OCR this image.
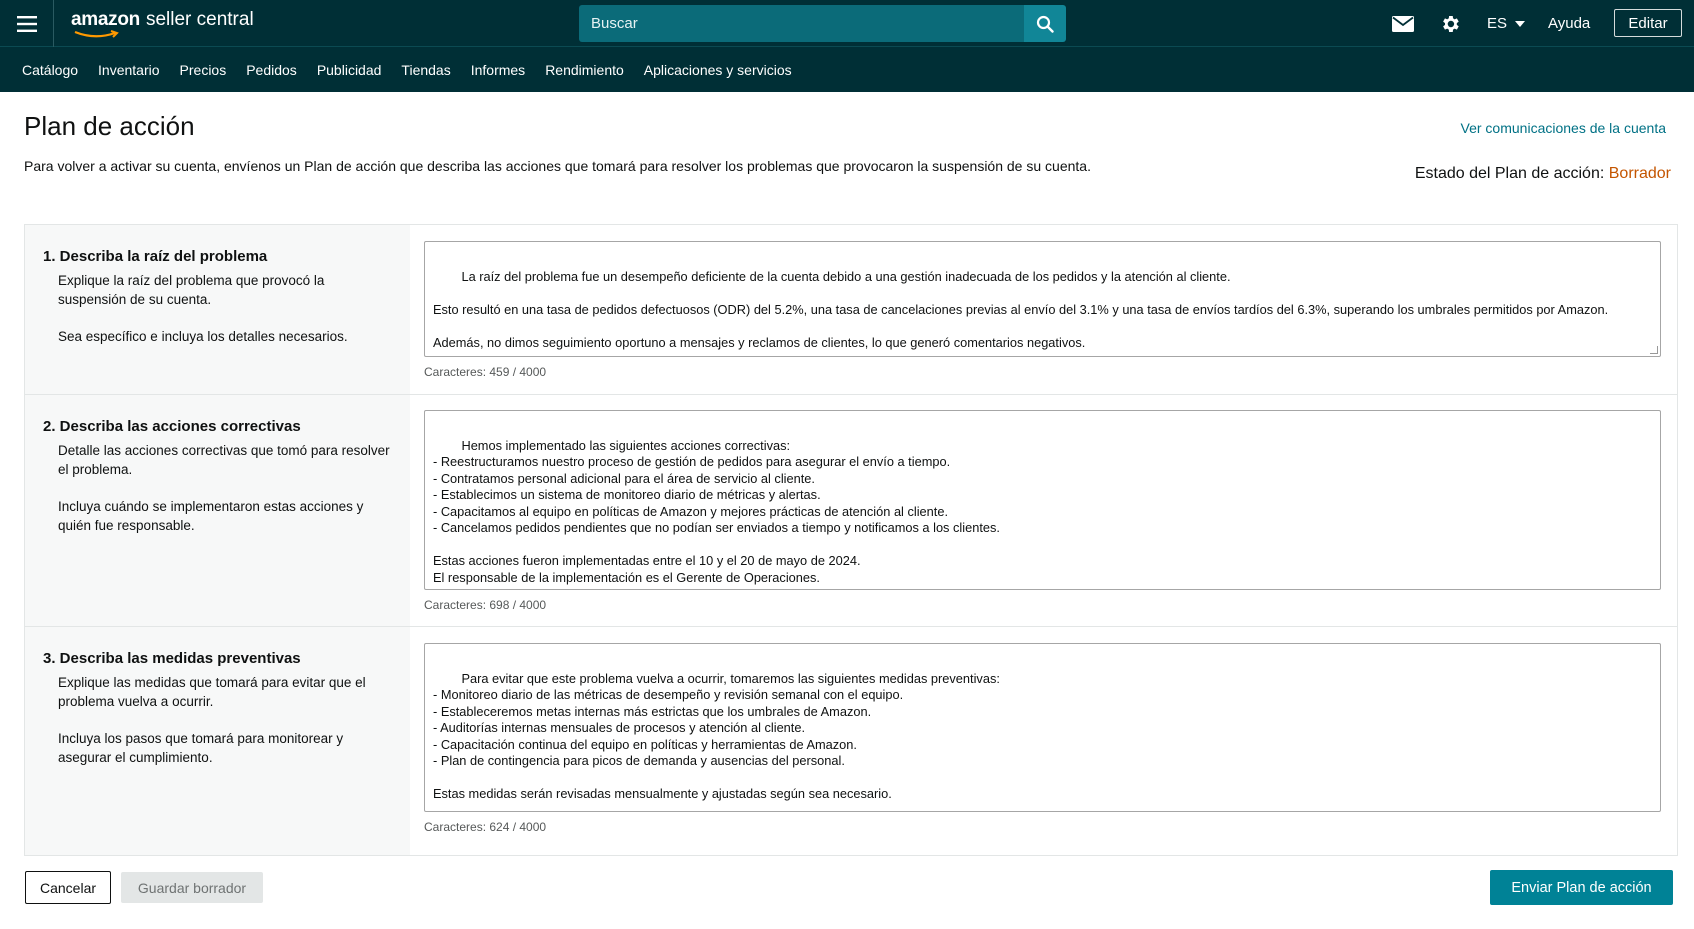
amazon seller central
Buscar	ES	Ayuda	Editar
Catálogo Inventario Precios Pedidos Publicidad Tiendas Informes Rendimiento Aplicaciones y servicios
Plan de acción

Para volver a activar su cuenta, envíenos un Plan de acción que describa las acciones que tomará para resolver los problemas que provocaron la suspensión de su cuenta.

Ver comunicaciones de la cuenta
Estado del Plan de acción: Borrador
1. Describa la raíz del problema

Explique la raíz del problema que provocó la suspensión de su cuenta.

Sea específico e incluya los detalles necesarios.

La raíz del problema fue un desempeño deficiente de la cuenta debido a una gestión inadecuada de los pedidos y la atención al cliente.

Esto resultó en una tasa de pedidos defectuosos (ODR) del 5.2%, una tasa de cancelaciones previas al envío del 3.1% y una tasa de envíos tardíos del 6.3%, superando los umbrales permitidos por Amazon.

Además, no dimos seguimiento oportuno a mensajes y reclamos de clientes, lo que generó comentarios negativos.

Caracteres: 459 / 4000
2. Describa las acciones correctivas

Detalle las acciones correctivas que tomó para resolver el problema.

Incluya cuándo se implementaron estas acciones y quién fue responsable.

Hemos implementado las siguientes acciones correctivas:
- Reestructuramos nuestro proceso de gestión de pedidos para asegurar el envío a tiempo.
- Contratamos personal adicional para el área de servicio al cliente.
- Establecimos un sistema de monitoreo diario de métricas y alertas.
- Capacitamos al equipo en políticas de Amazon y mejores prácticas de atención al cliente.
- Cancelamos pedidos pendientes que no podían ser enviados a tiempo y notificamos a los clientes.

Estas acciones fueron implementadas entre el 10 y el 20 de mayo de 2024.
El responsable de la implementación es el Gerente de Operaciones.

Caracteres: 698 / 4000
3. Describa las medidas preventivas

Explique las medidas que tomará para evitar que el problema vuelva a ocurrir.

Incluya los pasos que tomará para monitorear y asegurar el cumplimiento.

Para evitar que este problema vuelva a ocurrir, tomaremos las siguientes medidas preventivas:
- Monitoreo diario de las métricas de desempeño y revisión semanal con el equipo.
- Estableceremos metas internas más estrictas que los umbrales de Amazon.
- Auditorías internas mensuales de procesos y atención al cliente.
- Capacitación continua del equipo en políticas y herramientas de Amazon.
- Plan de contingencia para picos de demanda y ausencias del personal.

Estas medidas serán revisadas mensualmente y ajustadas según sea necesario.

Caracteres: 624 / 4000
Cancelar	Guardar borrador	Enviar Plan de acción
